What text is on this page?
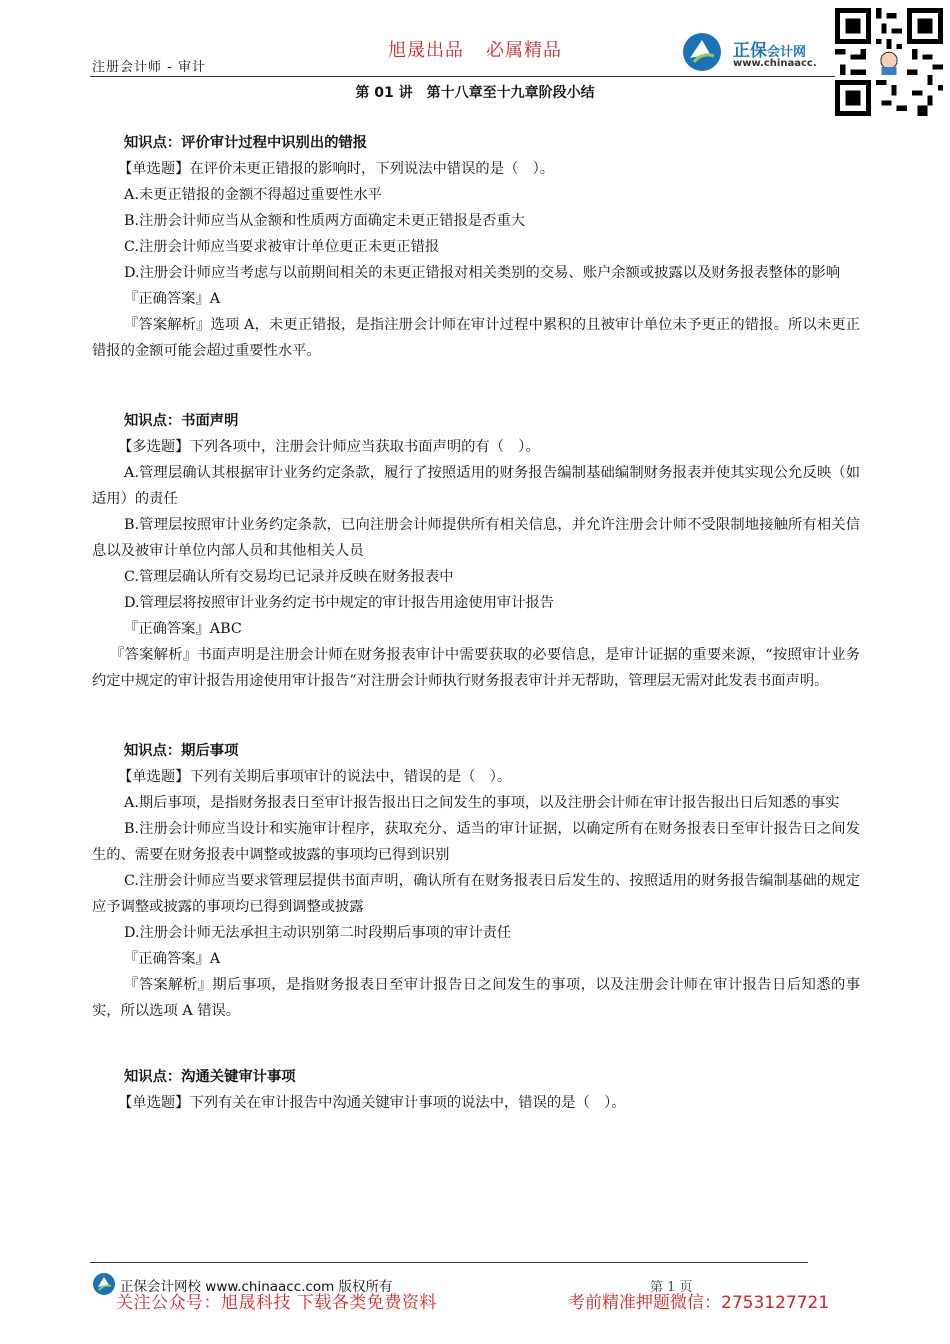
注册会计师 - 审计
旭晟出品 必属精品	正保会计网
www.chinaacc.
第 01 讲 第十八章至十九章阶段小结

知识点：评价审计过程中识别出的错报

【单选题】在评价未更正错报的影响时，下列说法中错误的是（　）。

A.未更正错报的金额不得超过重要性水平

B.注册会计师应当从金额和性质两方面确定未更正错报是否重大

C.注册会计师应当要求被审计单位更正未更正错报

D.注册会计师应当考虑与以前期间相关的未更正错报对相关类别的交易、账户余额或披露以及财务报表整体的影响

『正确答案』A

『答案解析』选项 A，未更正错报，是指注册会计师在审计过程中累积的且被审计单位未予更正的错报。所以未更正错报的金额可能会超过重要性水平。

知识点：书面声明

【多选题】下列各项中，注册会计师应当获取书面声明的有（　）。

A.管理层确认其根据审计业务约定条款，履行了按照适用的财务报告编制基础编制财务报表并使其实现公允反映（如适用）的责任

B.管理层按照审计业务约定条款，已向注册会计师提供所有相关信息，并允许注册会计师不受限制地接触所有相关信息以及被审计单位内部人员和其他相关人员

C.管理层确认所有交易均已记录并反映在财务报表中

D.管理层将按照审计业务约定书中规定的审计报告用途使用审计报告

『正确答案』ABC

『答案解析』书面声明是注册会计师在财务报表审计中需要获取的必要信息，是审计证据的重要来源，“按照审计业务约定中规定的审计报告用途使用审计报告”对注册会计师执行财务报表审计并无帮助，管理层无需对此发表书面声明。

知识点：期后事项

【单选题】下列有关期后事项审计的说法中，错误的是（　）。

A.期后事项，是指财务报表日至审计报告报出日之间发生的事项，以及注册会计师在审计报告报出日后知悉的事实

B.注册会计师应当设计和实施审计程序，获取充分、适当的审计证据，以确定所有在财务报表日至审计报告日之间发生的、需要在财务报表中调整或披露的事项均已得到识别

C.注册会计师应当要求管理层提供书面声明，确认所有在财务报表日后发生的、按照适用的财务报告编制基础的规定应予调整或披露的事项均已得到调整或披露

D.注册会计师无法承担主动识别第二时段期后事项的审计责任

『正确答案』A

『答案解析』期后事项，是指财务报表日至审计报告日之间发生的事项，以及注册会计师在审计报告日后知悉的事实，所以选项 A 错误。

知识点：沟通关键审计事项

【单选题】下列有关在审计报告中沟通关键审计事项的说法中，错误的是（　）。

正保会计网校 www.chinaacc.com 版权所有	第 1 页
关注公众号：旭晟科技 下载各类免费资料	考前精准押题微信：2753127721
